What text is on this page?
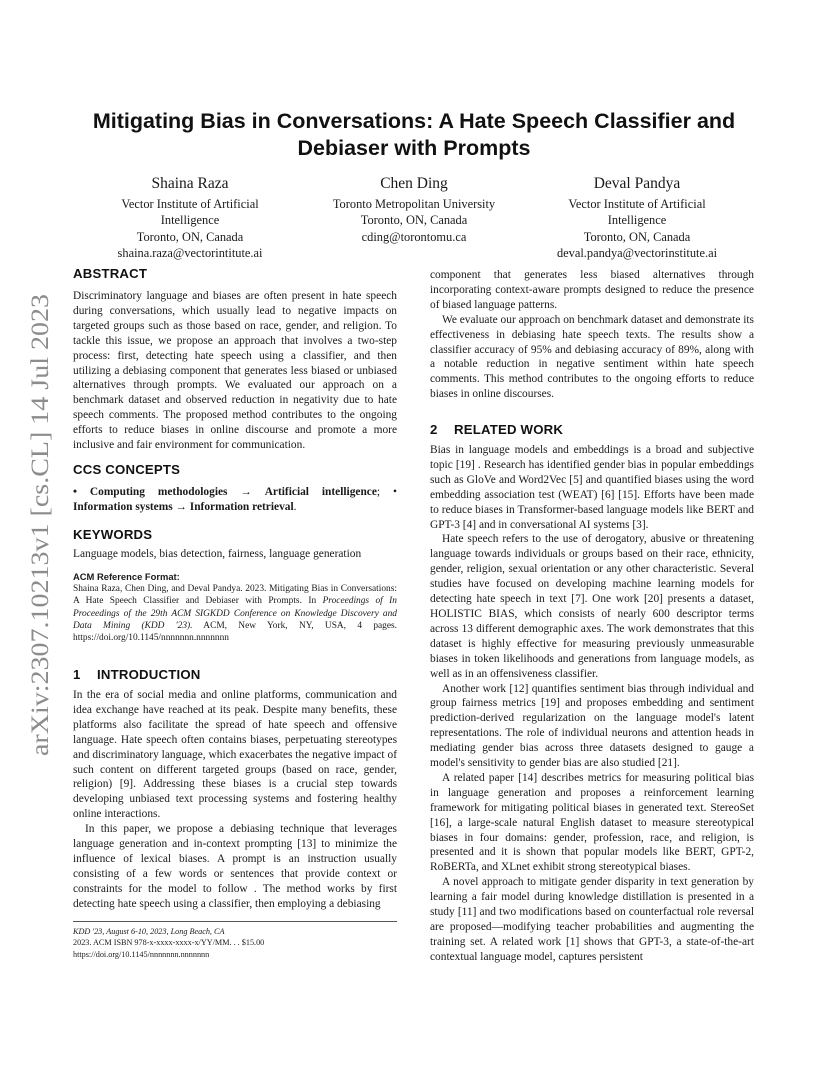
arXiv:2307.10213v1 [cs.CL] 14 Jul 2023
Mitigating Bias in Conversations: A Hate Speech Classifier and
Debiaser with Prompts
Shaina Raza
Vector Institute of Artificial
Intelligence
Toronto, ON, Canada
shaina.raza@vectorintitute.ai
Chen Ding
Toronto Metropolitan University
Toronto, ON, Canada
cding@torontomu.ca
Deval Pandya
Vector Institute of Artificial
Intelligence
Toronto, ON, Canada
deval.pandya@vectorinstitute.ai
ABSTRACT

Discriminatory language and biases are often present in hate speech during conversations, which usually lead to negative impacts on targeted groups such as those based on race, gender, and religion. To tackle this issue, we propose an approach that involves a two-step process: first, detecting hate speech using a classifier, and then utilizing a debiasing component that generates less biased or unbiased alternatives through prompts. We evaluated our approach on a benchmark dataset and observed reduction in negativity due to hate speech comments. The proposed method contributes to the ongoing efforts to reduce biases in online discourse and promote a more inclusive and fair environment for communication.

CCS CONCEPTS

• Computing methodologies → Artificial intelligence; • Information systems → Information retrieval.

KEYWORDS

Language models, bias detection, fairness, language generation

ACM Reference Format:

Shaina Raza, Chen Ding, and Deval Pandya. 2023. Mitigating Bias in Conversations: A Hate Speech Classifier and Debiaser with Prompts. In Proceedings of In Proceedings of the 29th ACM SIGKDD Conference on Knowledge Discovery and Data Mining (KDD '23). ACM, New York, NY, USA, 4 pages. https://doi.org/10.1145/nnnnnnn.nnnnnnn

1 INTRODUCTION

In the era of social media and online platforms, communication and idea exchange have reached at its peak. Despite many benefits, these platforms also facilitate the spread of hate speech and offensive language. Hate speech often contains biases, perpetuating stereotypes and discriminatory language, which exacerbates the negative impact of such content on different targeted groups (based on race, gender, religion) [9]. Addressing these biases is a crucial step towards developing unbiased text processing systems and fostering healthy online interactions.

In this paper, we propose a debiasing technique that leverages language generation and in-context prompting [13] to minimize the influence of lexical biases. A prompt is an instruction usually consisting of a few words or sentences that provide context or constraints for the model to follow . The method works by first detecting hate speech using a classifier, then employing a debiasing

KDD '23, August 6-10, 2023, Long Beach, CA
2023. ACM ISBN 978-x-xxxx-xxxx-x/YY/MM. . . $15.00
https://doi.org/10.1145/nnnnnnn.nnnnnnn

component that generates less biased alternatives through incorporating context-aware prompts designed to reduce the presence of biased language patterns.

We evaluate our approach on benchmark dataset and demonstrate its effectiveness in debiasing hate speech texts. The results show a classifier accuracy of 95% and debiasing accuracy of 89%, along with a notable reduction in negative sentiment within hate speech comments. This method contributes to the ongoing efforts to reduce biases in online discourses.

2 RELATED WORK

Bias in language models and embeddings is a broad and subjective topic [19] . Research has identified gender bias in popular embeddings such as GloVe and Word2Vec [5] and quantified biases using the word embedding association test (WEAT) [6] [15]. Efforts have been made to reduce biases in Transformer-based language models like BERT and GPT-3 [4] and in conversational AI systems [3].

Hate speech refers to the use of derogatory, abusive or threatening language towards individuals or groups based on their race, ethnicity, gender, religion, sexual orientation or any other characteristic. Several studies have focused on developing machine learning models for detecting hate speech in text [7]. One work [20] presents a dataset, HOLISTIC BIAS, which consists of nearly 600 descriptor terms across 13 different demographic axes. The work demonstrates that this dataset is highly effective for measuring previously unmeasurable biases in token likelihoods and generations from language models, as well as in an offensiveness classifier.

Another work [12] quantifies sentiment bias through individual and group fairness metrics [19] and proposes embedding and sentiment prediction-derived regularization on the language model's latent representations. The role of individual neurons and attention heads in mediating gender bias across three datasets designed to gauge a model's sensitivity to gender bias are also studied [21].

A related paper [14] describes metrics for measuring political bias in language generation and proposes a reinforcement learning framework for mitigating political biases in generated text. StereoSet [16], a large-scale natural English dataset to measure stereotypical biases in four domains: gender, profession, race, and religion, is presented and it is shown that popular models like BERT, GPT-2, RoBERTa, and XLnet exhibit strong stereotypical biases.

A novel approach to mitigate gender disparity in text generation by learning a fair model during knowledge distillation is presented in a study [11] and two modifications based on counterfactual role reversal are proposed—modifying teacher probabilities and augmenting the training set. A related work [1] shows that GPT-3, a state-of-the-art contextual language model, captures persistent
